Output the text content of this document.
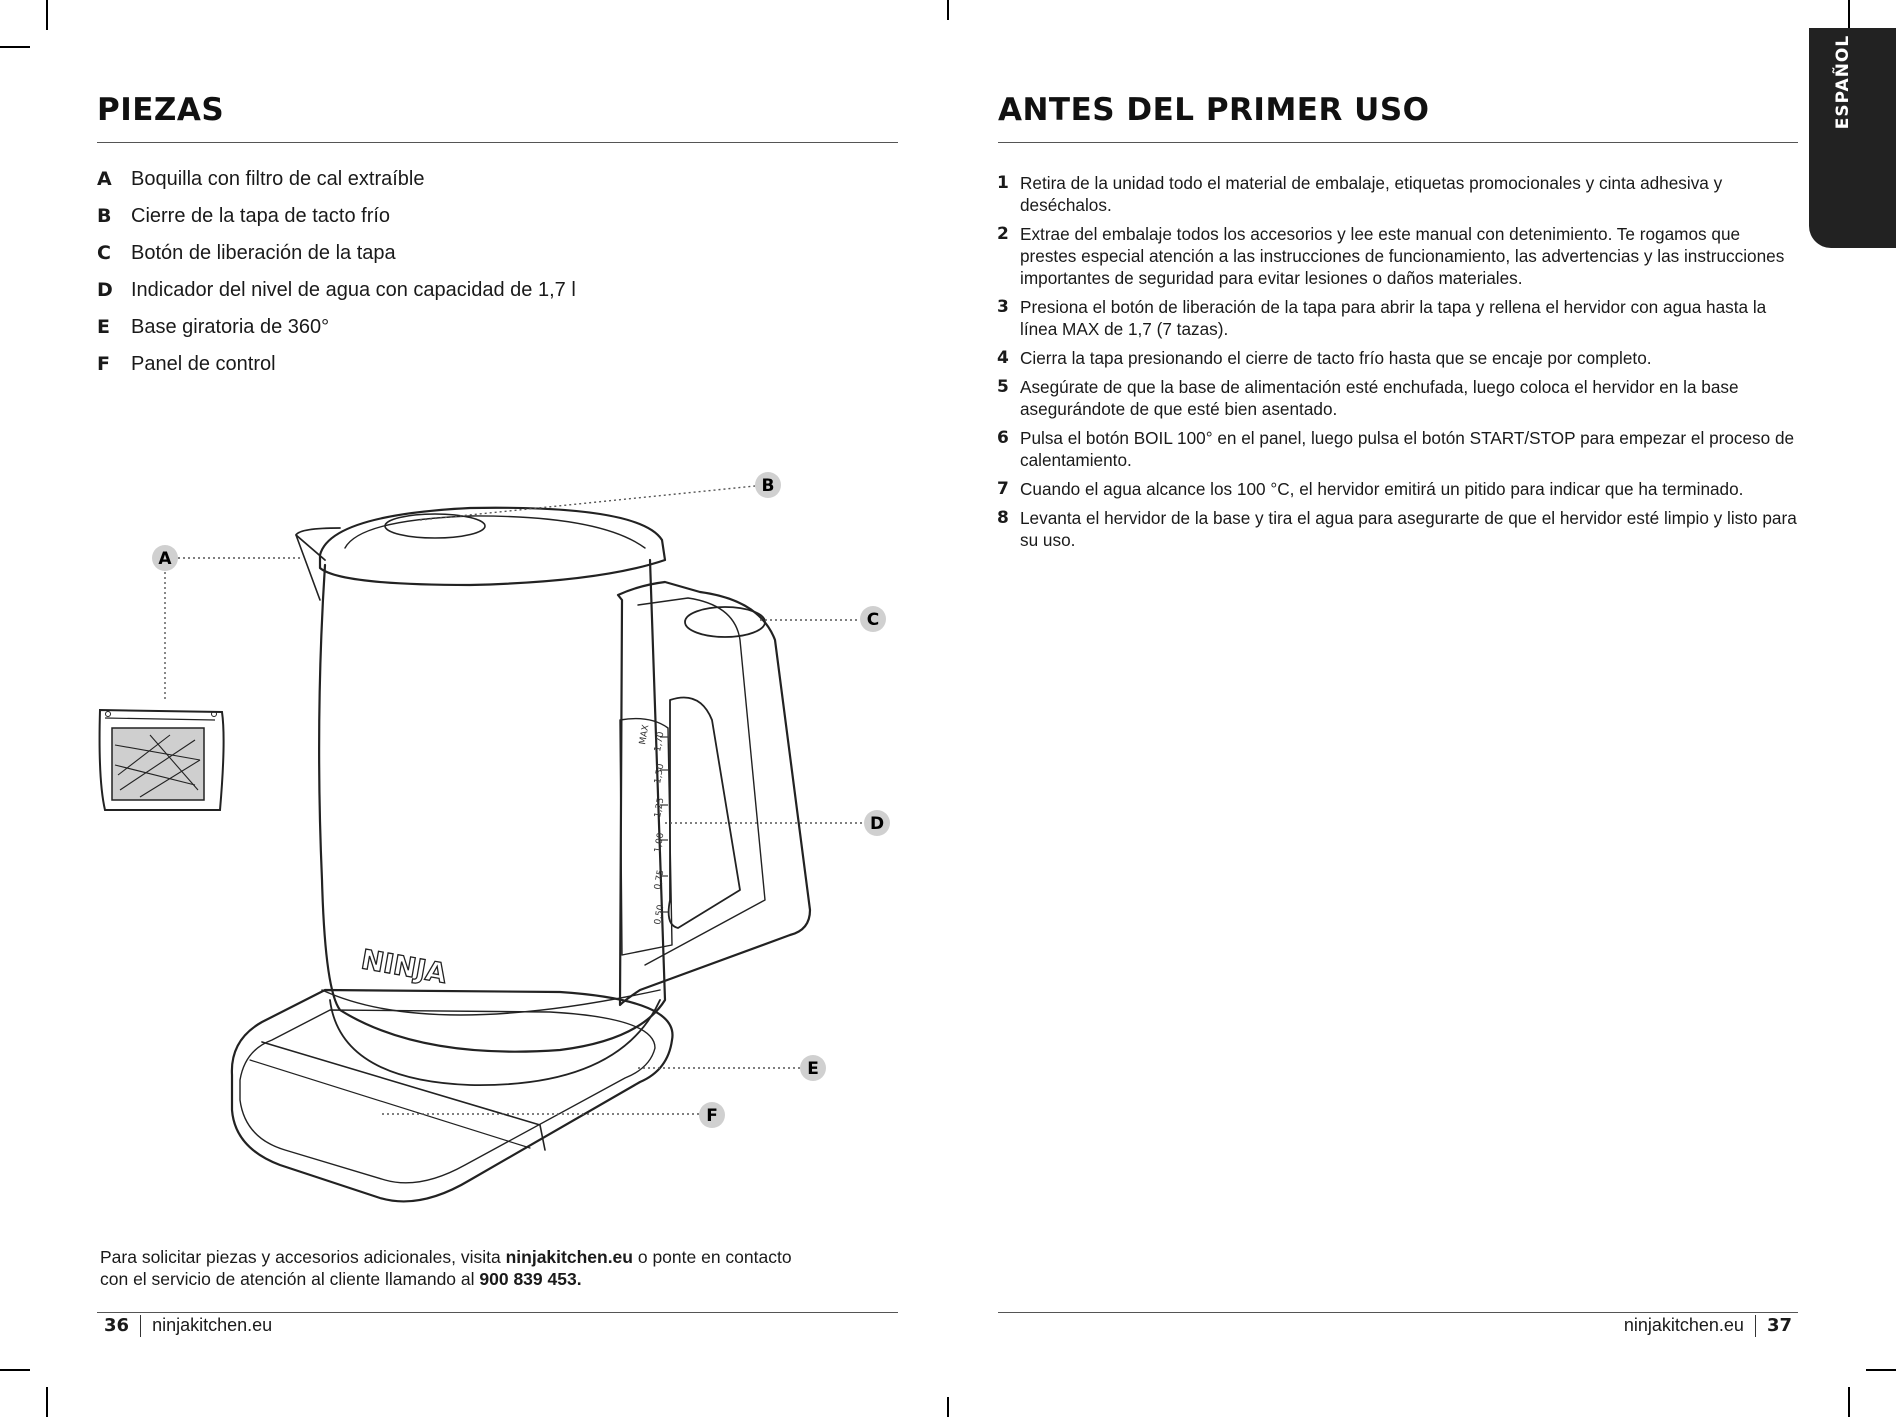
PIEZAS
A Boquilla con filtro de cal extraíble
B Cierre de la tapa de tacto frío
C	Botón de liberación de la tapa
D Indicador del nivel de agua con capacidad de 1,7 l
E	Base giratoria de 360°
F	Panel de control
MAX 1,70
1,50
1,25
1,00
0,75
0,50
NINJA
A
B
C
D
E
F
Para solicitar piezas y accesorios adicionales, visita ninjakitchen.eu o ponte en contacto con el servicio de atención al cliente llamando al 900 839 453.
36 ninjakitchen.eu
ANTES DEL PRIMER USO	ESPAÑOL
1 Retira de la unidad todo el material de embalaje, etiquetas promocionales y cinta adhesiva y deséchalos.
2 Extrae del embalaje todos los accesorios y lee este manual con detenimiento. Te rogamos que prestes especial atención a las instrucciones de funcionamiento, las advertencias y las instrucciones importantes de seguridad para evitar lesiones o daños materiales.
3 Presiona el botón de liberación de la tapa para abrir la tapa y rellena el hervidor con agua hasta la línea MAX de 1,7 (7 tazas).
4 Cierra la tapa presionando el cierre de tacto frío hasta que se encaje por completo.
5 Asegúrate de que la base de alimentación esté enchufada, luego coloca el hervidor en la base asegurándote de que esté bien asentado.
6 Pulsa el botón BOIL 100° en el panel, luego pulsa el botón START/STOP para empezar el proceso de calentamiento.
7 Cuando el agua alcance los 100 °C, el hervidor emitirá un pitido para indicar que ha terminado.
8 Levanta el hervidor de la base y tira el agua para asegurarte de que el hervidor esté limpio y listo para su uso.
ninjakitchen.eu 37
